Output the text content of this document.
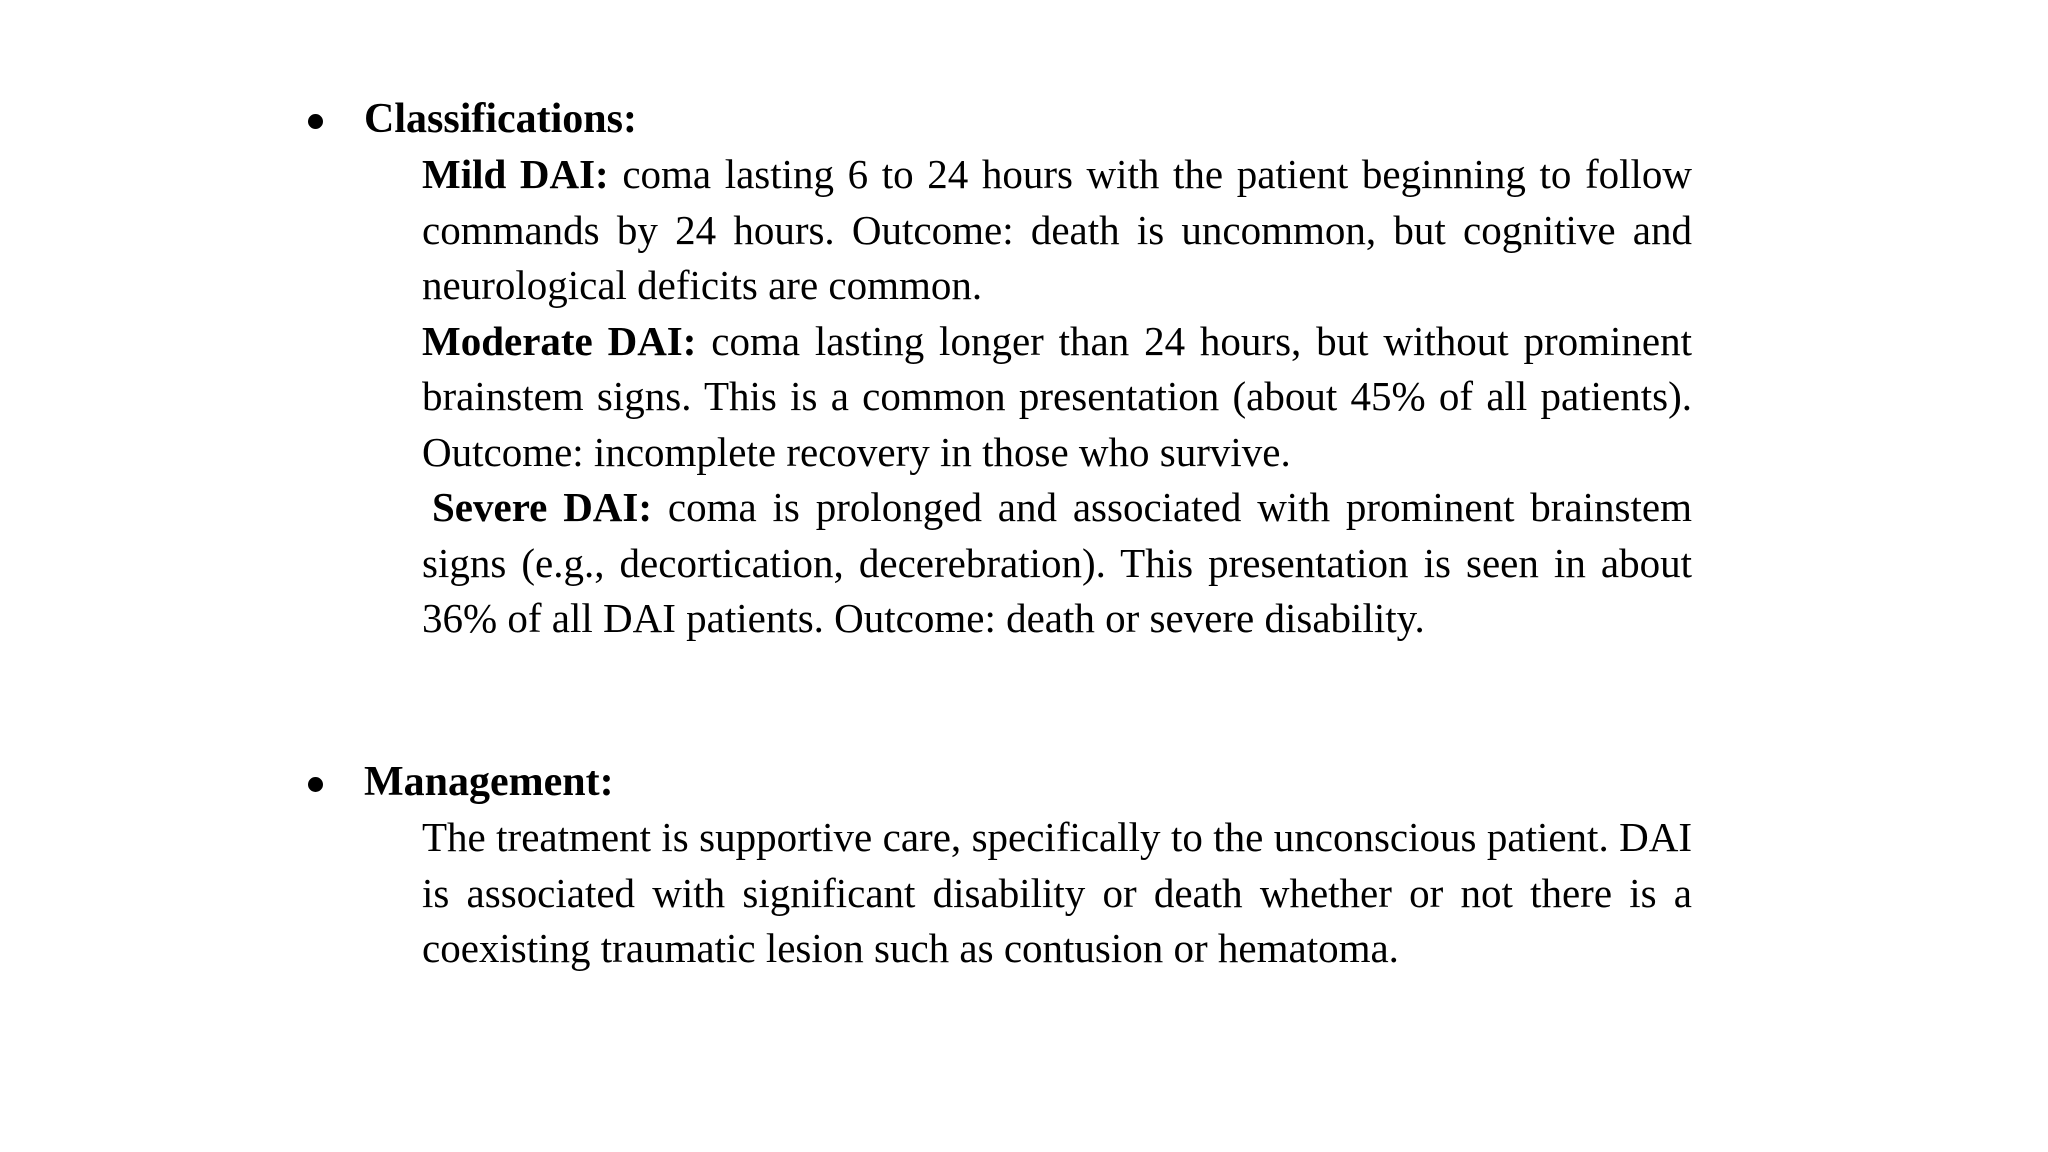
Classifications:

Mild DAI: coma lasting 6 to 24 hours with the patient beginning to follow commands by 24 hours. Outcome: death is uncommon, but cognitive and neurological deficits are common.

Moderate DAI: coma lasting longer than 24 hours, but without prominent brainstem signs. This is a common presentation (about 45% of all patients). Outcome: incomplete recovery in those who survive.

Severe DAI: coma is prolonged and associated with prominent brainstem signs (e.g., decortication, decerebration). This presentation is seen in about 36% of all DAI patients. Outcome: death or severe disability.

Management:

The treatment is supportive care, specifically to the unconscious patient. DAI is associated with significant disability or death whether or not there is a coexisting traumatic lesion such as contusion or hematoma.
